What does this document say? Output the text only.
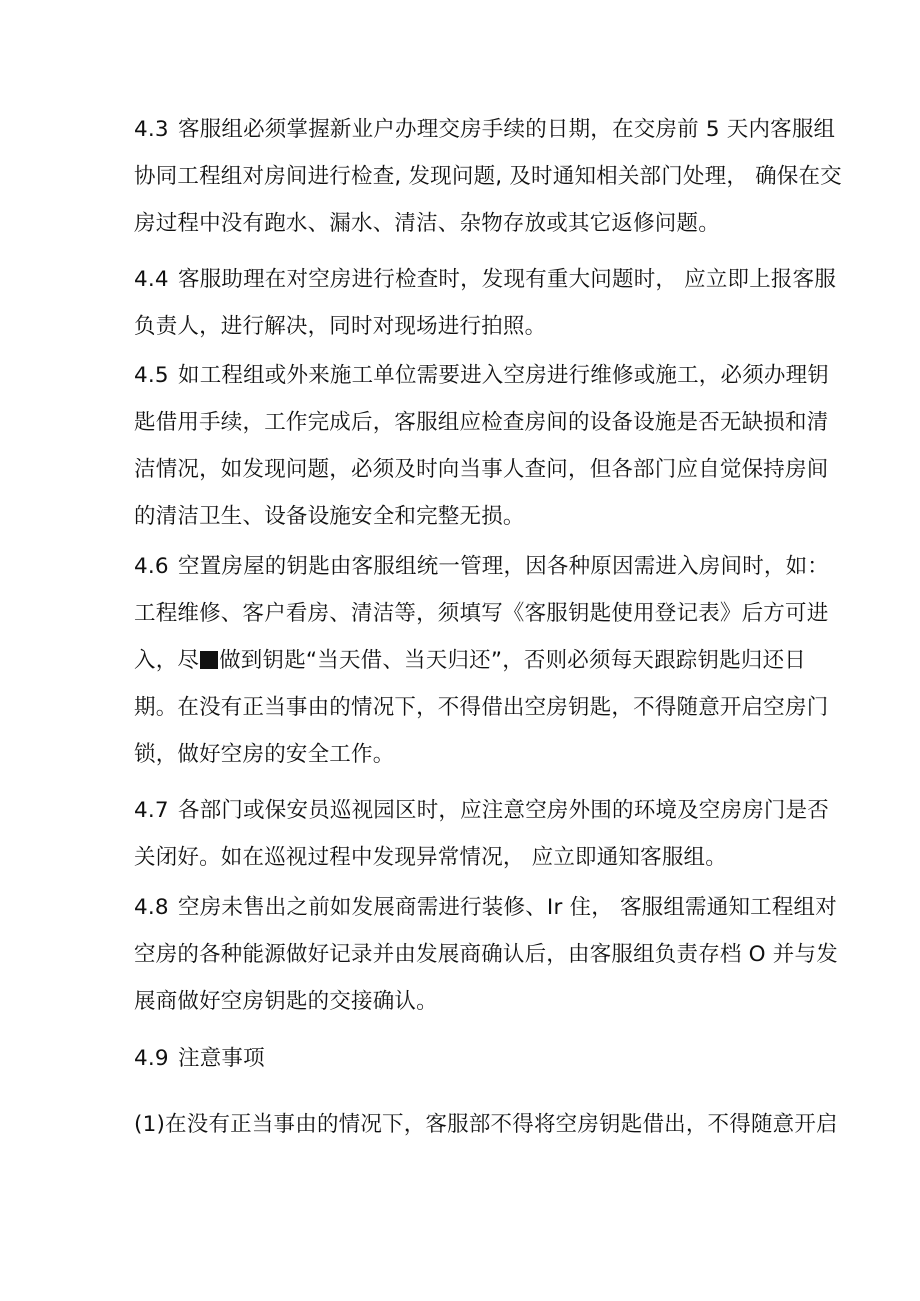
4.3 客服组必须掌握新业户办理交房手续的日期，在交房前 5 天内客服组
协同工程组对房间进行检查, 发现问题, 及时通知相关部门处理， 确保在交
房过程中没有跑水、漏水、清洁、杂物存放或其它返修问题。
4.4 客服助理在对空房进行检查时，发现有重大问题时， 应立即上报客服
负责人，进行解决，同时对现场进行拍照。
4.5 如工程组或外来施工单位需要进入空房进行维修或施工，必须办理钥
匙借用手续，工作完成后，客服组应检查房间的设备设施是否无缺损和清
洁情况，如发现问题，必须及时向当事人查问，但各部门应自觉保持房间
的清洁卫生、设备设施安全和完整无损。
4.6 空置房屋的钥匙由客服组统一管理，因各种原因需进入房间时，如：
工程维修、客户看房、清洁等，须填写《客服钥匙使用登记表》后方可进
入，尽 做到钥匙“当天借、当天归还”，否则必须每天跟踪钥匙归还日
期。在没有正当事由的情况下，不得借出空房钥匙，不得随意开启空房门
锁，做好空房的安全工作。
4.7 各部门或保安员巡视园区时，应注意空房外围的环境及空房房门是否
关闭好。如在巡视过程中发现异常情况， 应立即通知客服组。
4.8 空房未售出之前如发展商需进行装修、Ir 住， 客服组需通知工程组对
空房的各种能源做好记录并由发展商确认后，由客服组负责存档 O 并与发
展商做好空房钥匙的交接确认。
4.9 注意事项
(1)在没有正当事由的情况下，客服部不得将空房钥匙借出，不得随意开启
